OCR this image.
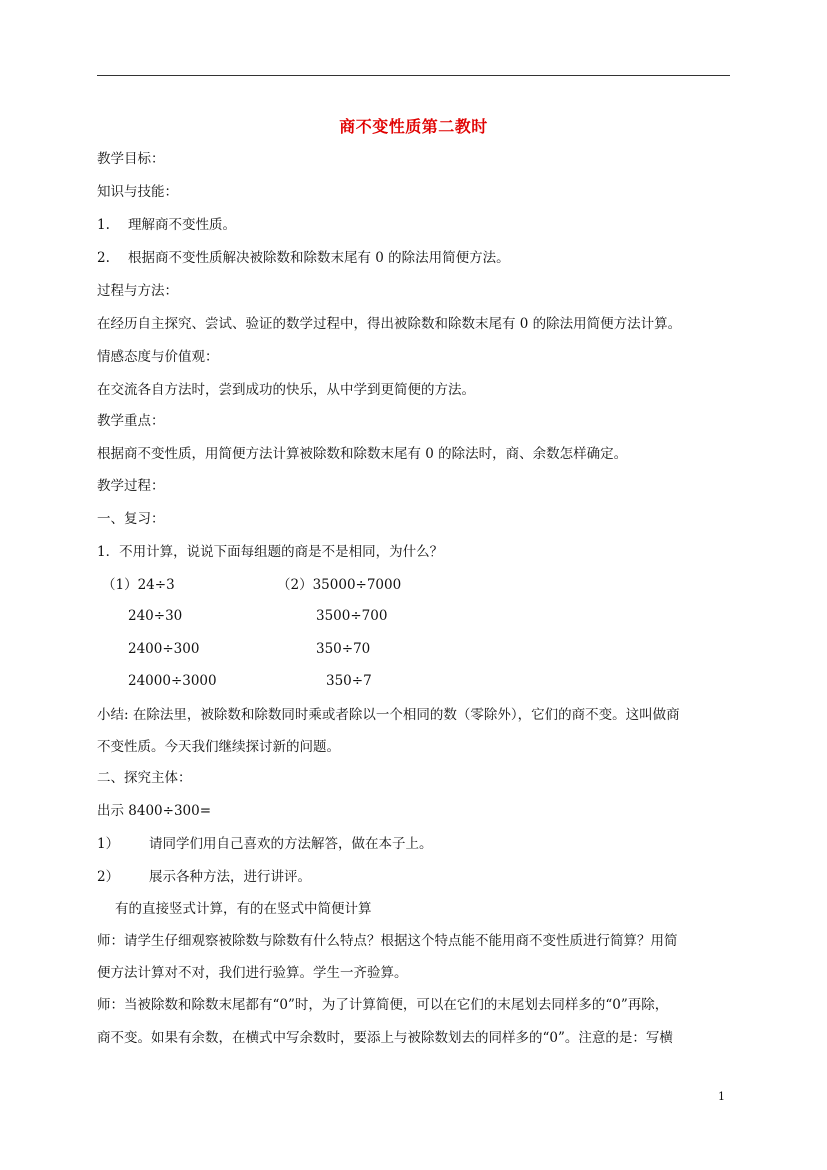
商不变性质第二教时
教学目标：
知识与技能：
1. 理解商不变性质。
2. 根据商不变性质解决被除数和除数末尾有 0 的除法用简便方法。
过程与方法：
在经历自主探究、尝试、验证的数学过程中，得出被除数和除数末尾有 0 的除法用简便方法计算。
情感态度与价值观：
在交流各自方法时，尝到成功的快乐，从中学到更简便的方法。
教学重点：
根据商不变性质，用简便方法计算被除数和除数末尾有 0 的除法时，商、余数怎样确定。
教学过程：
一、复习：
1．不用计算，说说下面每组题的商是不是相同，为什么？
（1）24÷3
240÷30
2400÷300
24000÷3000
（2）35000÷7000
3500÷700
350÷70
350÷7
小结: 在除法里，被除数和除数同时乘或者除以一个相同的数（零除外），它们的商不变。这叫做商
不变性质。今天我们继续探讨新的问题。
二、探究主体：
出示 8400÷300=
1） 请同学们用自己喜欢的方法解答，做在本子上。
2） 展示各种方法，进行讲评。
有的直接竖式计算，有的在竖式中简便计算
师：请学生仔细观察被除数与除数有什么特点？根据这个特点能不能用商不变性质进行简算？用简
便方法计算对不对，我们进行验算。学生一齐验算。
师：当被除数和除数末尾都有“0”时，为了计算简便，可以在它们的末尾划去同样多的“0”再除，
商不变。如果有余数，在横式中写余数时，要添上与被除数划去的同样多的“0”。注意的是：写横
1
